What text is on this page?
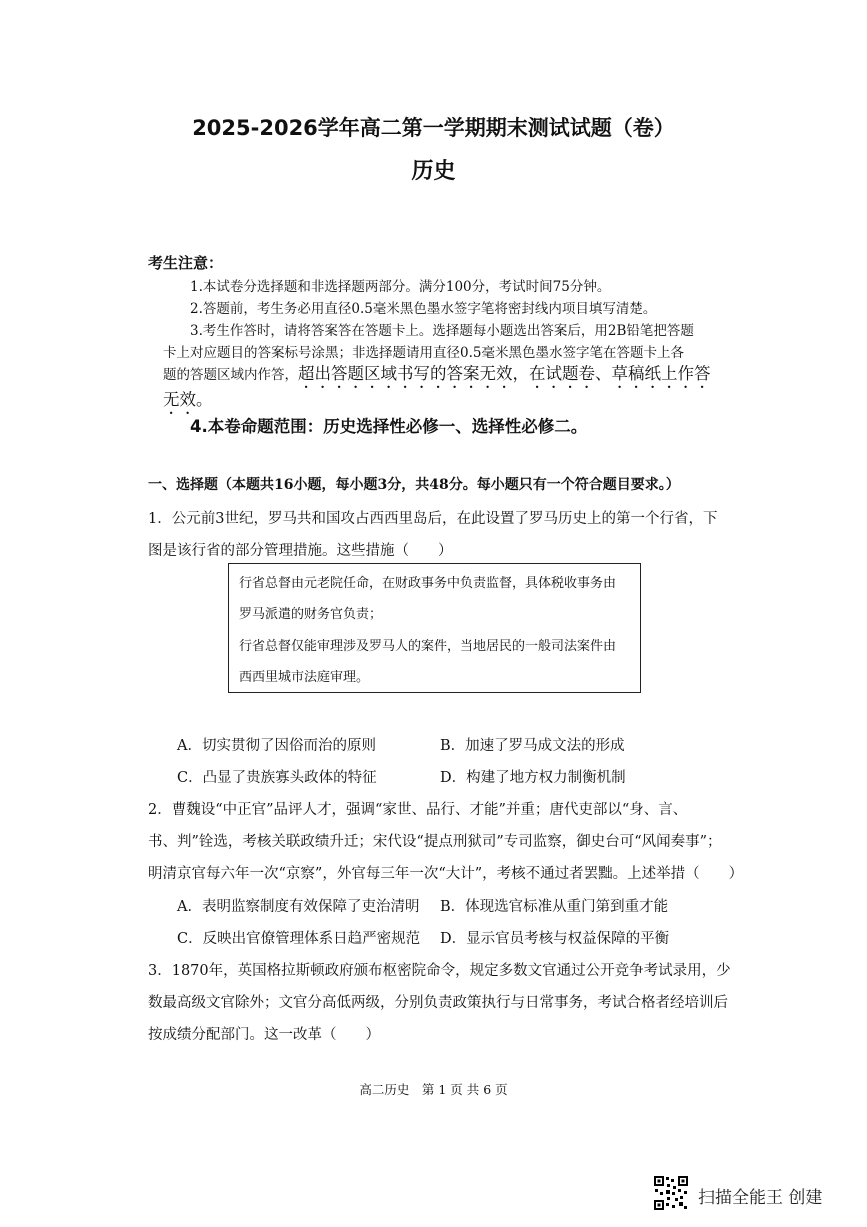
2025-2026学年高二第一学期期末测试试题（卷）
历史
考生注意：
1.本试卷分选择题和非选择题两部分。满分100分，考试时间75分钟。
2.答题前，考生务必用直径0.5毫米黑色墨水签字笔将密封线内项目填写清楚。
3.考生作答时，请将答案答在答题卡上。选择题每小题选出答案后，用2B铅笔把答题
卡上对应题目的答案标号涂黑；非选择题请用直径0.5毫米黑色墨水签字笔在答题卡上各
题的答题区域内作答，超出答题区域书写的答案无效，在试题卷、草稿纸上作答
无效。
4.本卷命题范围：历史选择性必修一、选择性必修二。
一、选择题（本题共16小题，每小题3分，共48分。每小题只有一个符合题目要求。）
1．公元前3世纪，罗马共和国攻占西西里岛后，在此设置了罗马历史上的第一个行省，下
图是该行省的部分管理措施。这些措施（　　）
行省总督由元老院任命，在财政事务中负责监督，具体税收事务由
罗马派遣的财务官负责；
行省总督仅能审理涉及罗马人的案件，当地居民的一般司法案件由
西西里城市法庭审理。
A．切实贯彻了因俗而治的原则	B．加速了罗马成文法的形成
C．凸显了贵族寡头政体的特征	D．构建了地方权力制衡机制
2．曹魏设“中正官”品评人才，强调“家世、品行、才能”并重；唐代吏部以“身、言、
书、判”铨选，考核关联政绩升迁；宋代设“提点刑狱司”专司监察，御史台可“风闻奏事”；
明清京官每六年一次“京察”，外官每三年一次“大计”，考核不通过者罢黜。上述举措（　　）
A．表明监察制度有效保障了吏治清明 B．体现选官标准从重门第到重才能
C．反映出官僚管理体系日趋严密规范 D．显示官员考核与权益保障的平衡
3．1870年，英国格拉斯顿政府颁布枢密院命令，规定多数文官通过公开竞争考试录用，少
数最高级文官除外；文官分高低两级，分别负责政策执行与日常事务，考试合格者经培训后
按成绩分配部门。这一改革（　　）
高二历史　第 1 页 共 6 页
扫描全能王 创建
